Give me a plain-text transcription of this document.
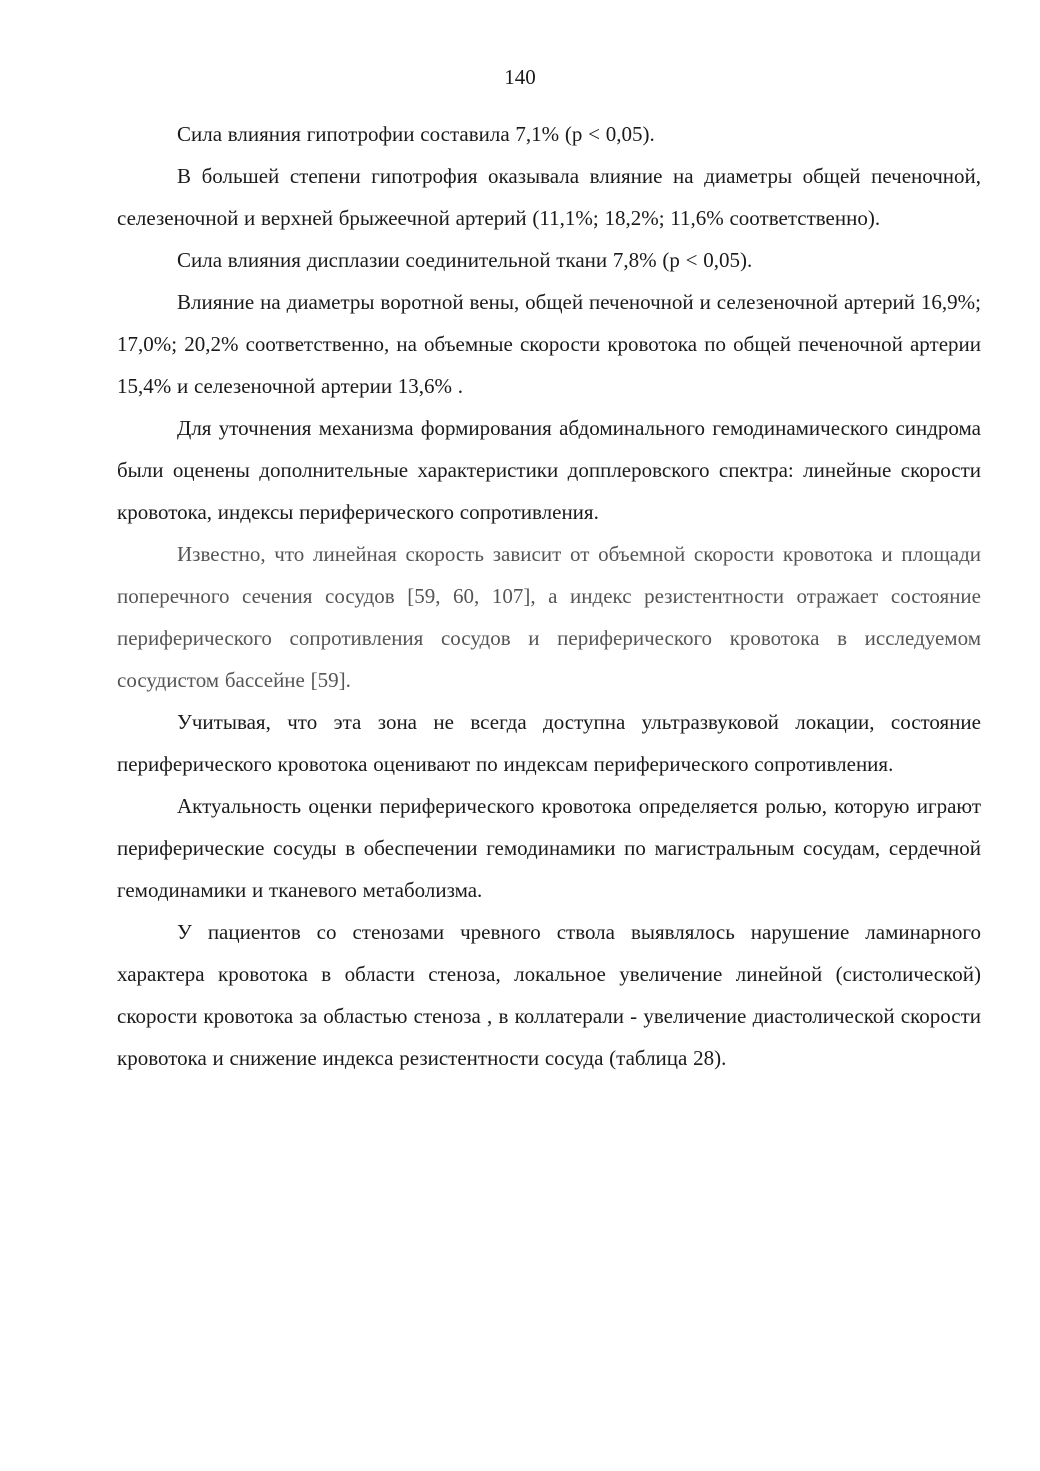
140

Сила влияния гипотрофии составила 7,1% (р < 0,05).

В большей степени гипотрофия оказывала влияние на диаметры общей печеночной, селезеночной и верхней брыжеечной артерий (11,1%; 18,2%; 11,6% соответственно).

Сила влияния дисплазии соединительной ткани 7,8% (р < 0,05).

Влияние на диаметры воротной вены, общей печеночной и селезеночной артерий 16,9%; 17,0%; 20,2% соответственно, на объемные скорости кровотока по общей печеночной артерии 15,4% и селезеночной артерии 13,6% .

Для уточнения механизма формирования абдоминального гемодинамического синдрома были оценены дополнительные характеристики допплеровского спектра: линейные скорости кровотока, индексы периферического сопротивления.

Известно, что линейная скорость зависит от объемной скорости кровотока и площади поперечного сечения сосудов [59, 60, 107], а индекс резистентности отражает состояние периферического сопротивления сосудов и периферического кровотока в исследуемом сосудистом бассейне [59].

Учитывая, что эта зона не всегда доступна ультразвуковой локации, состояние периферического кровотока оценивают по индексам периферического сопротивления.

Актуальность оценки периферического кровотока определяется ролью, которую играют периферические сосуды в обеспечении гемодинамики по магистральным сосудам, сердечной гемодинамики и тканевого метаболизма.

У пациентов со стенозами чревного ствола выявлялось нарушение ламинарного характера кровотока в области стеноза, локальное увеличение линейной (систолической) скорости кровотока за областью стеноза , в коллатерали - увеличение диастолической скорости кровотока и снижение индекса резистентности сосуда (таблица 28).
